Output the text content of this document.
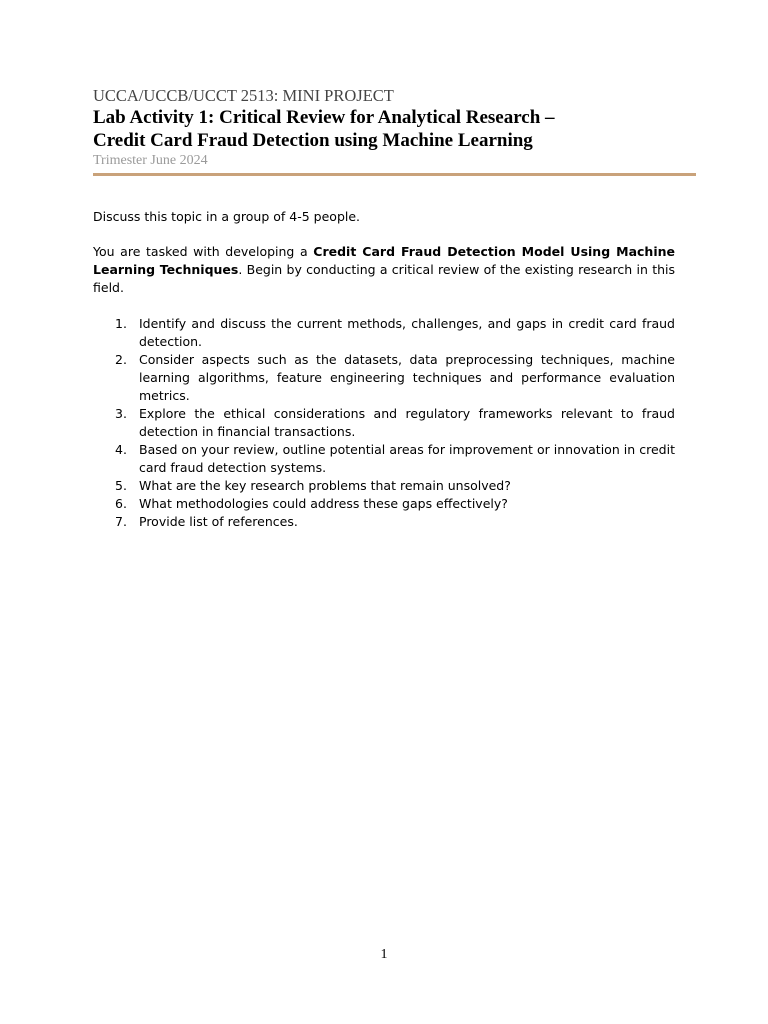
UCCA/UCCB/UCCT 2513: MINI PROJECT

Lab Activity 1: Critical Review for Analytical Research –

Credit Card Fraud Detection using Machine Learning

Trimester June 2024

Discuss this topic in a group of 4-5 people.

You are tasked with developing a Credit Card Fraud Detection Model Using Machine Learning Techniques. Begin by conducting a critical review of the existing research in this field.

1. Identify and discuss the current methods, challenges, and gaps in credit card fraud detection.
2. Consider aspects such as the datasets, data preprocessing techniques, machine learning algorithms, feature engineering techniques and performance evaluation metrics.
3. Explore the ethical considerations and regulatory frameworks relevant to fraud detection in financial transactions.
4. Based on your review, outline potential areas for improvement or innovation in credit card fraud detection systems.
5. What are the key research problems that remain unsolved?
6. What methodologies could address these gaps effectively?
7. Provide list of references.
1
